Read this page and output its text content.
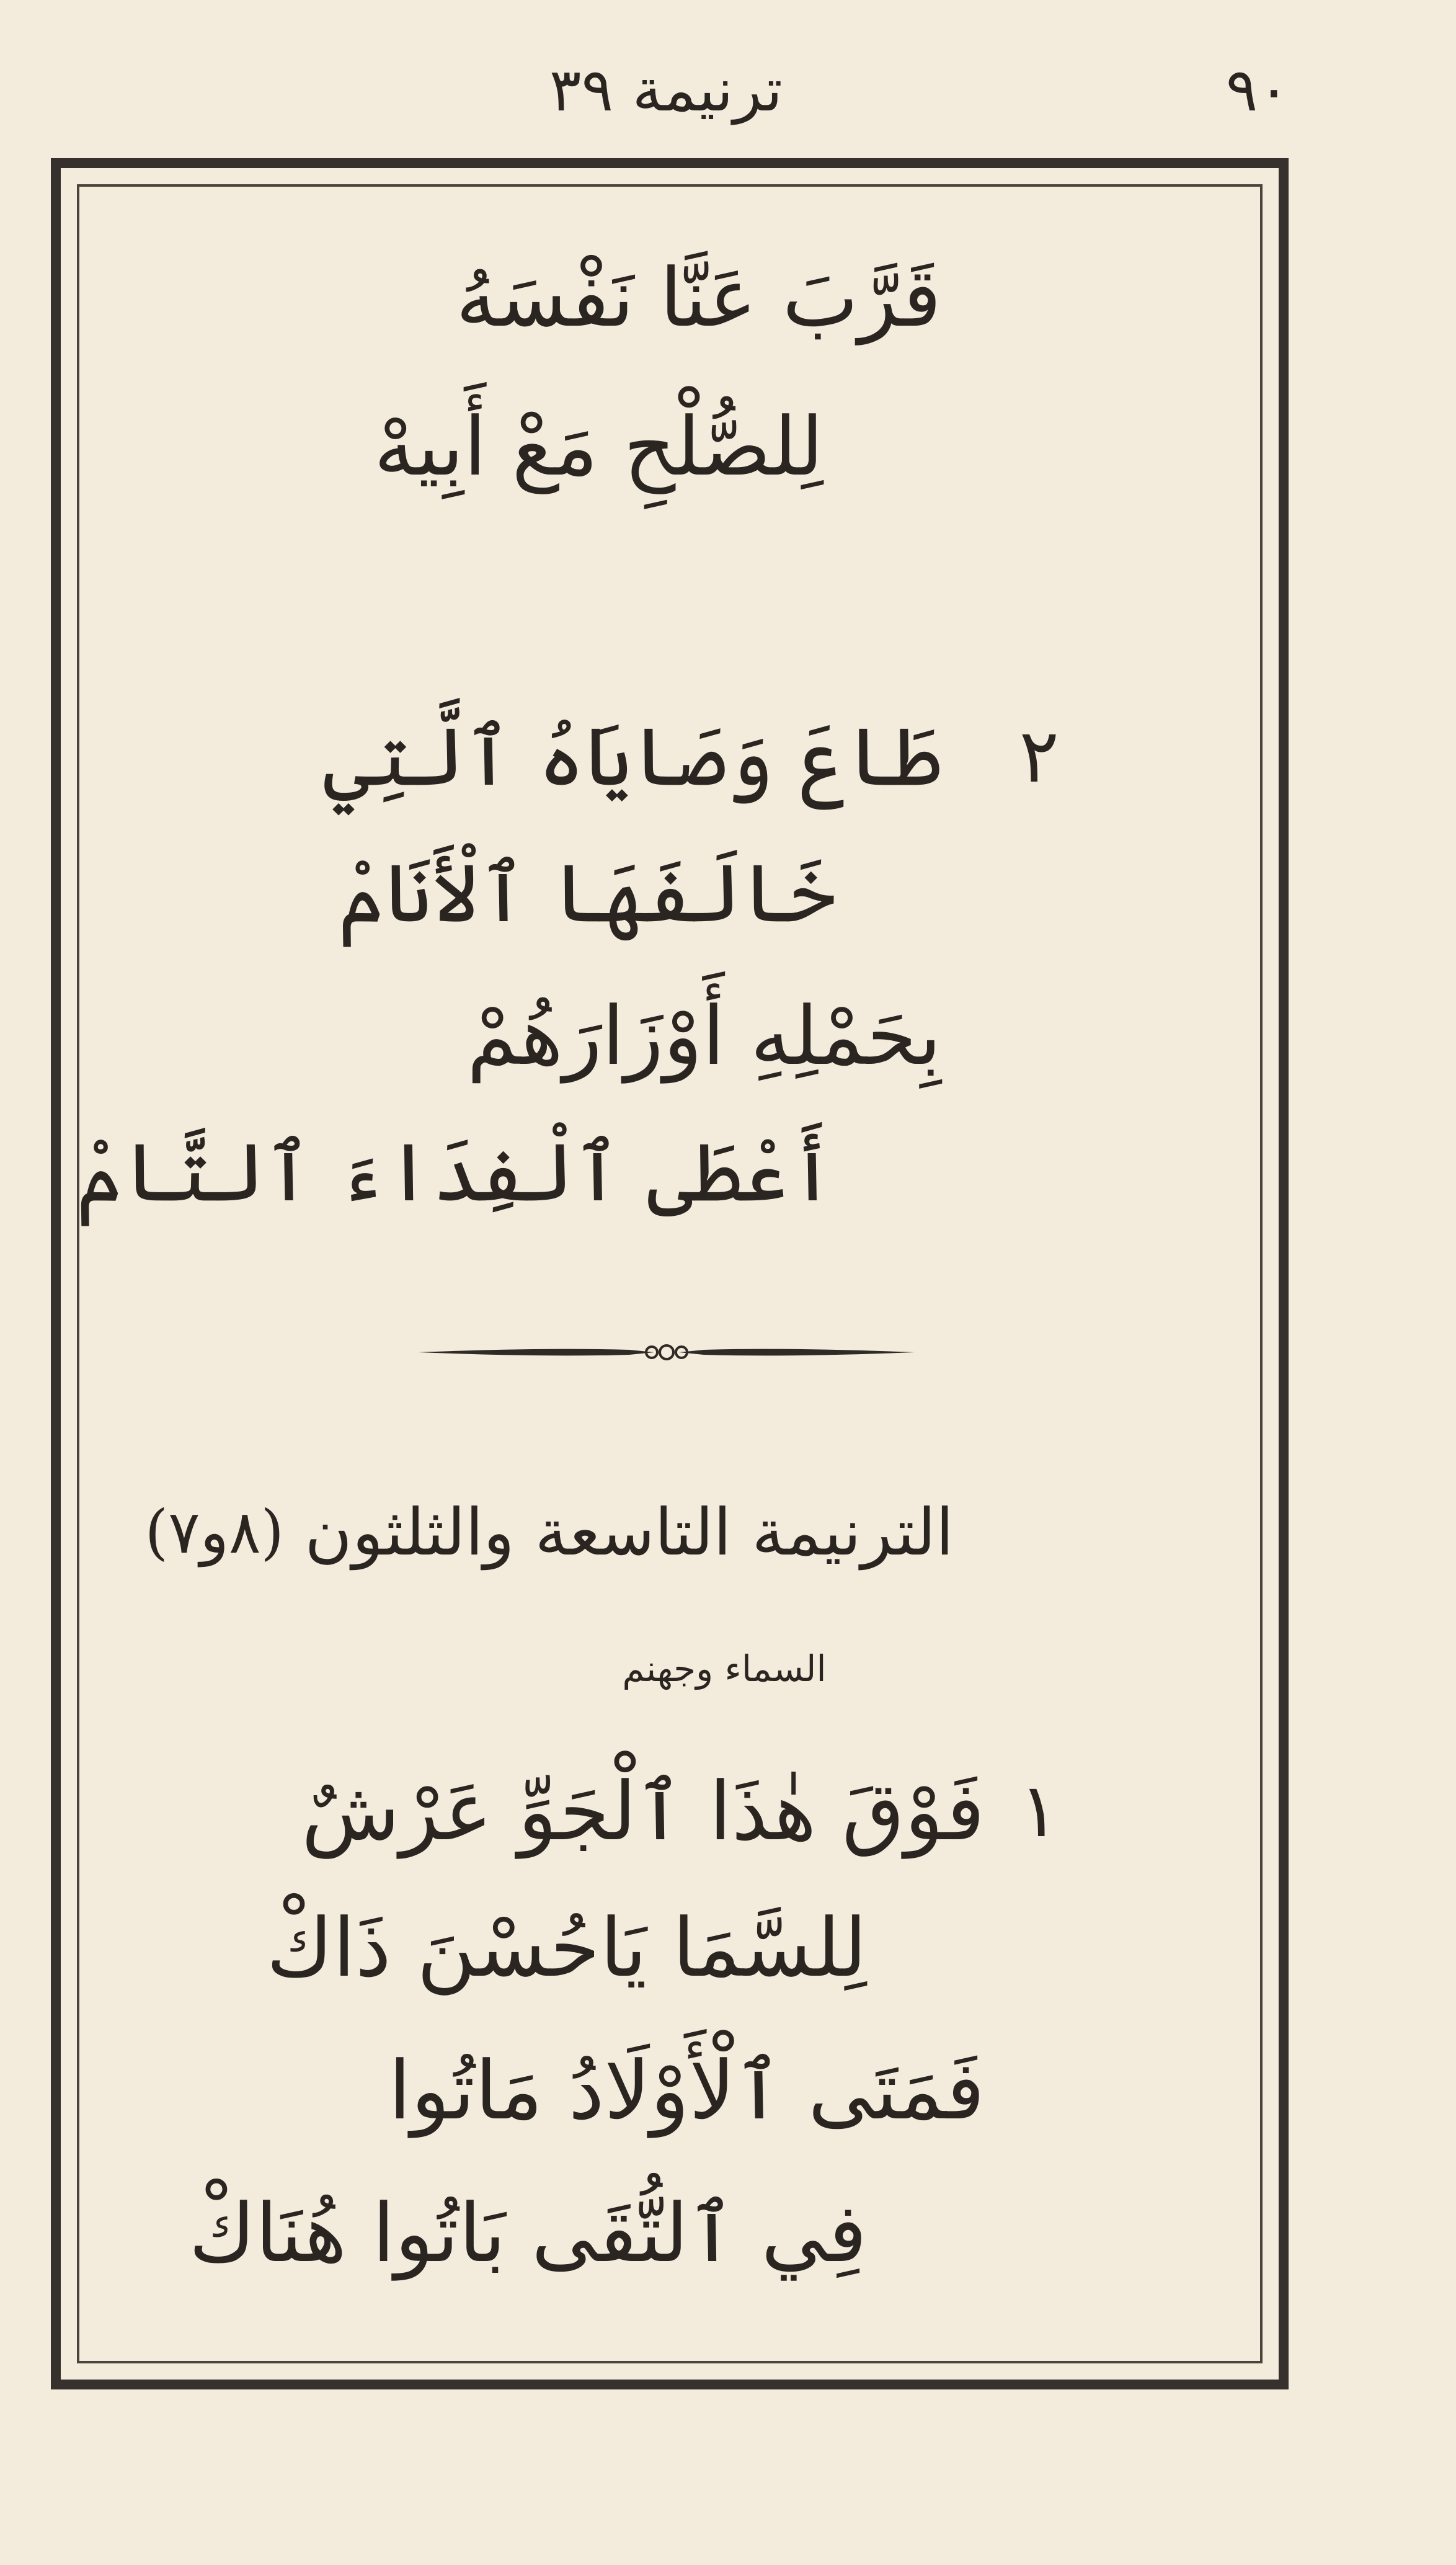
ترنيمة ٣٩	٩٠
قَرَّبَ عَنَّا نَفْسَهُ
لِلصُّلْحِ مَعْ أَبِيهْ
٢
طَاعَ وَصَايَاهُ ٱلَّتِي
خَالَفَهَا ٱلْأَنَامْ
بِحَمْلِهِ أَوْزَارَهُمْ
أَعْطَى ٱلْفِدَاءَ ٱلتَّامْ
الترنيمة التاسعة والثلثون
(٨و٧)
السماء وجهنم
١
فَوْقَ هٰذَا ٱلْجَوِّ عَرْشٌ
لِلسَّمَا يَاحُسْنَ ذَاكْ
فَمَتَى ٱلْأَوْلَادُ مَاتُوا
فِي ٱلتُّقَى بَاتُوا هُنَاكْ
